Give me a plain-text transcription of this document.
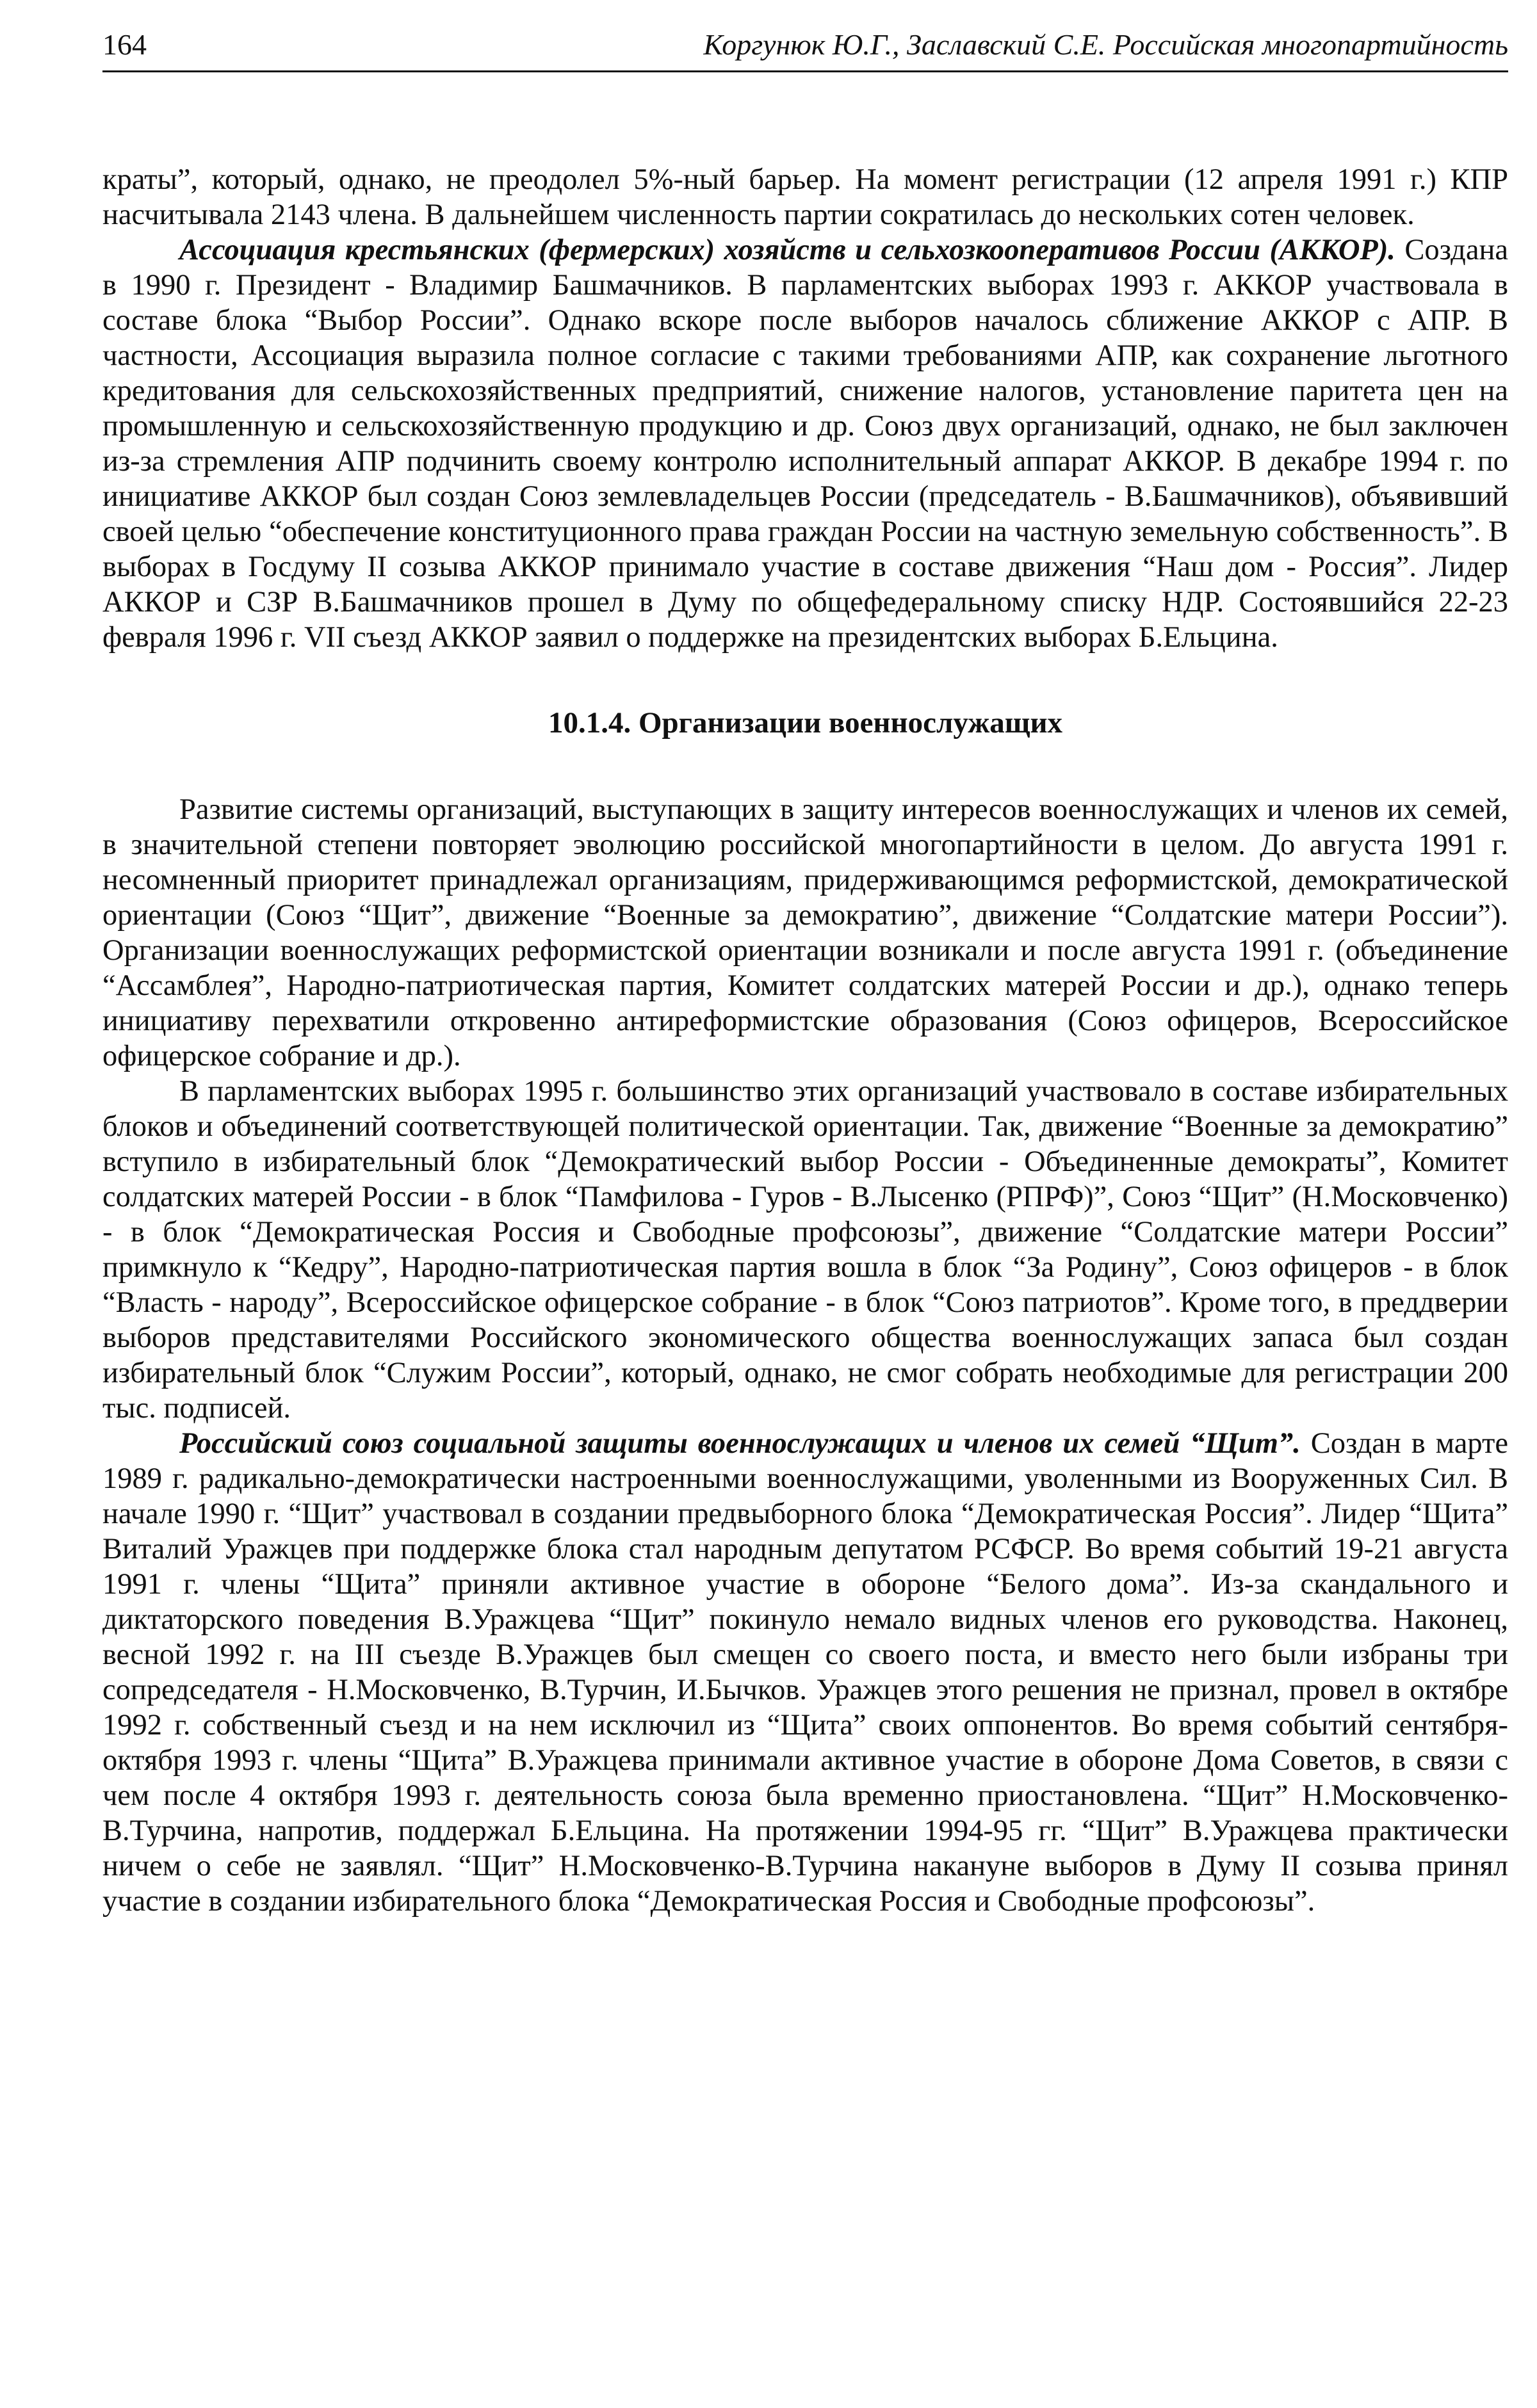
164	Коргунюк Ю.Г., Заславский С.Е. Российская многопартийность

краты”, который, однако, не преодолел 5%-ный барьер. На момент регистрации (12 апреля 1991 г.) КПР насчитывала 2143 члена. В дальнейшем численность партии сократилась до нескольких сотен человек.

Ассоциация крестьянских (фермерских) хозяйств и сельхозкооперативов России (АККОР). Создана в 1990 г. Президент - Владимир Башмачников. В парламентских выборах 1993 г. АККОР участвовала в составе блока “Выбор России”. Однако вскоре после выборов началось сближение АККОР с АПР. В частности, Ассоциация выразила полное согласие с такими требованиями АПР, как сохранение льготного кредитования для сельскохозяйственных предприятий, снижение налогов, установление паритета цен на промышленную и сельскохозяйственную продукцию и др. Союз двух организаций, однако, не был заключен из-за стремления АПР подчинить своему контролю исполнительный аппарат АККОР. В декабре 1994 г. по инициативе АККОР был создан Союз землевладельцев России (председатель - В.Башмачников), объявивший своей целью “обеспечение конституционного права граждан России на частную земельную собственность”. В выборах в Госдуму II созыва АККОР принимало участие в составе движения “Наш дом - Россия”. Лидер АККОР и СЗР В.Башмачников прошел в Думу по общефедеральному списку НДР. Состоявшийся 22-23 февраля 1996 г. VII съезд АККОР заявил о поддержке на президентских выборах Б.Ельцина.

10.1.4. Организации военнослужащих

Развитие системы организаций, выступающих в защиту интересов военнослужащих и членов их семей, в значительной степени повторяет эволюцию российской многопартийности в целом. До августа 1991 г. несомненный приоритет принадлежал организациям, придерживающимся реформистской, демократической ориентации (Союз “Щит”, движение “Военные за демократию”, движение “Солдатские матери России”). Организации военнослужащих реформистской ориентации возникали и после августа 1991 г. (объединение “Ассамблея”, Народно-патриотическая партия, Комитет солдатских матерей России и др.), однако теперь инициативу перехватили откровенно антиреформистские образования (Союз офицеров, Всероссийское офицерское собрание и др.).

В парламентских выборах 1995 г. большинство этих организаций участвовало в составе избирательных блоков и объединений соответствующей политической ориентации. Так, движение “Военные за демократию” вступило в избирательный блок “Демократический выбор России - Объединенные демократы”, Комитет солдатских матерей России - в блок “Памфилова - Гуров - В.Лысенко (РПРФ)”, Союз “Щит” (Н.Московченко) - в блок “Демократическая Россия и Свободные профсоюзы”, движение “Солдатские матери России” примкнуло к “Кедру”, Народно-патриотическая партия вошла в блок “За Родину”, Союз офицеров - в блок “Власть - народу”, Всероссийское офицерское собрание - в блок “Союз патриотов”. Кроме того, в преддверии выборов представителями Российского экономического общества военнослужащих запаса был создан избирательный блок “Служим России”, который, однако, не смог собрать необходимые для регистрации 200 тыс. подписей.

Российский союз социальной защиты военнослужащих и членов их семей “Щит”. Создан в марте 1989 г. радикально-демократически настроенными военнослужащими, уволенными из Вооруженных Сил. В начале 1990 г. “Щит” участвовал в создании предвыборного блока “Демократическая Россия”. Лидер “Щита” Виталий Уражцев при поддержке блока стал народным депутатом РСФСР. Во время событий 19-21 августа 1991 г. члены “Щита” приняли активное участие в обороне “Белого дома”. Из-за скандального и диктаторского поведения В.Уражцева “Щит” покинуло немало видных членов его руководства. Наконец, весной 1992 г. на III съезде В.Уражцев был смещен со своего поста, и вместо него были избраны три сопредседателя - Н.Московченко, В.Турчин, И.Бычков. Уражцев этого решения не признал, провел в октябре 1992 г. собственный съезд и на нем исключил из “Щита” своих оппонентов. Во время событий сентября-октября 1993 г. члены “Щита” В.Уражцева принимали активное участие в обороне Дома Советов, в связи с чем после 4 октября 1993 г. деятельность союза была временно приостановлена. “Щит” Н.Московченко-В.Турчина, напротив, поддержал Б.Ельцина. На протяжении 1994-95 гг. “Щит” В.Уражцева практически ничем о себе не заявлял. “Щит” Н.Московченко-В.Турчина накануне выборов в Думу II созыва принял участие в создании избирательного блока “Демократическая Россия и Свободные профсоюзы”.
